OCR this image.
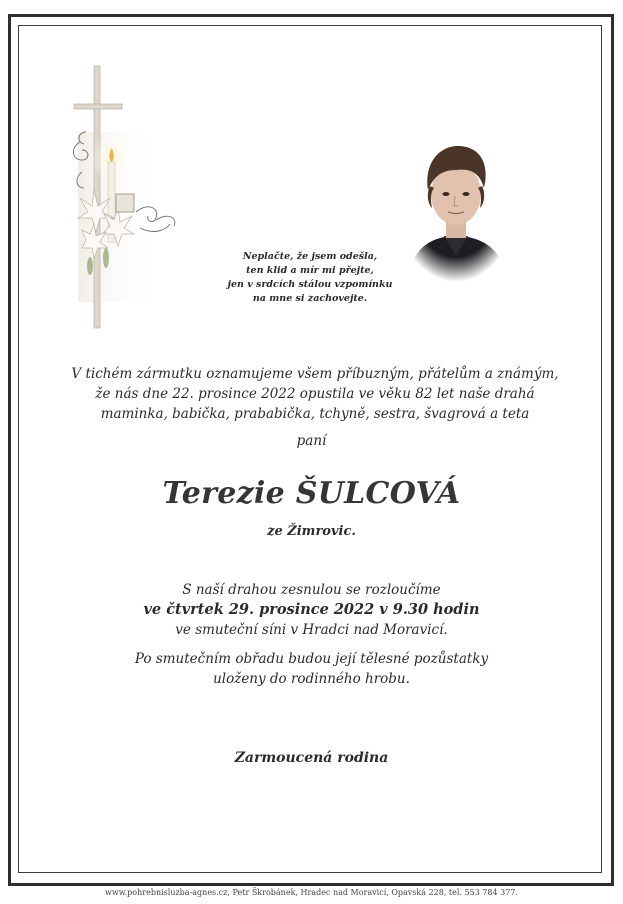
Neplačte, že jsem odešla,
ten klid a mír mi přejte,
jen v srdcích stálou vzpomínku
na mne si zachovejte.
V tichém zármutku oznamujeme všem příbuzným, přátelům a známým,
že nás dne 22. prosince 2022 opustila ve věku 82 let naše drahá
maminka, babička, prababička, tchyně, sestra, švagrová a teta
paní
Terezie ŠULCOVÁ
ze Žimrovic.
S naší drahou zesnulou se rozloučíme
ve čtvrtek 29. prosince 2022 v 9.30 hodin
ve smuteční síni v Hradci nad Moravicí.
Po smutečním obřadu budou její tělesné pozůstatky
uloženy do rodinného hrobu.
Zarmoucená rodina
www.pohrebnisluzba-agnes.cz, Petr Škrobánek, Hradec nad Moravicí, Opavská 228, tel. 553 784 377.
